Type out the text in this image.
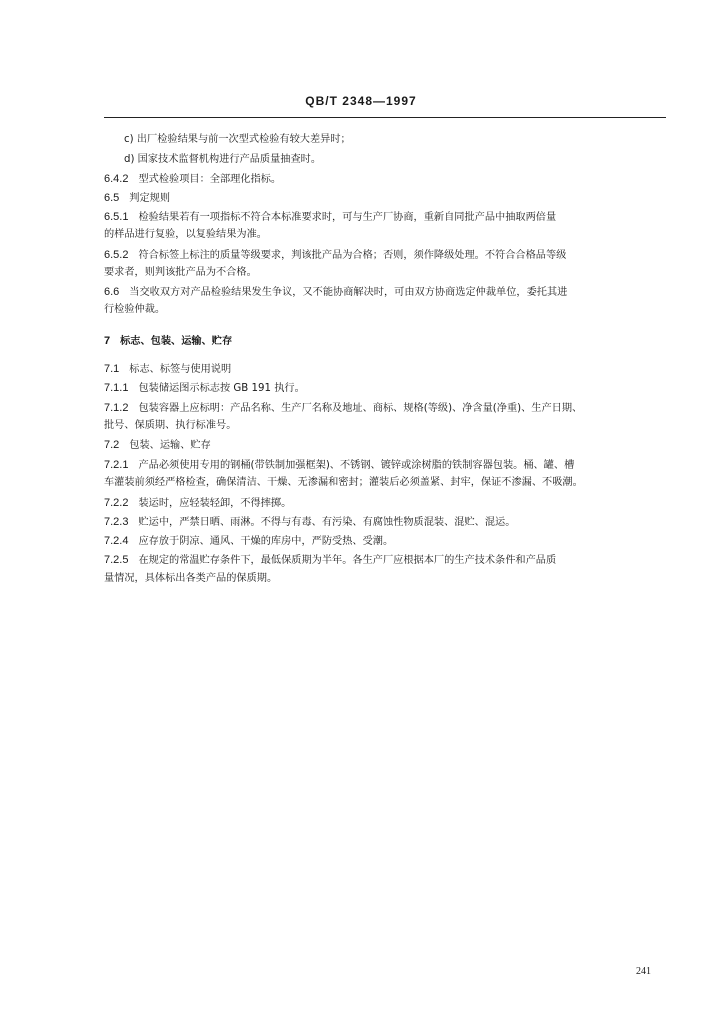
QB/T 2348—1997
c) 出厂检验结果与前一次型式检验有较大差异时；
d) 国家技术监督机构进行产品质量抽查时。
6.4.2 型式检验项目：全部理化指标。
6.5 判定规则
6.5.1 检验结果若有一项指标不符合本标准要求时，可与生产厂协商，重新自同批产品中抽取两倍量
的样品进行复验，以复验结果为准。
6.5.2 符合标签上标注的质量等级要求，判该批产品为合格；否则，须作降级处理。不符合合格品等级
要求者，则判该批产品为不合格。
6.6 当交收双方对产品检验结果发生争议，又不能协商解决时，可由双方协商选定仲裁单位，委托其进
行检验仲裁。
7 标志、包装、运输、贮存
7.1 标志、标签与使用说明
7.1.1 包装储运图示标志按 GB 191 执行。
7.1.2 包装容器上应标明：产品名称、生产厂名称及地址、商标、规格(等级)、净含量(净重)、生产日期、
批号、保质期、执行标准号。
7.2 包装、运输、贮存
7.2.1 产品必须使用专用的钢桶(带铁制加强框架)、不锈钢、镀锌或涂树脂的铁制容器包装。桶、罐、槽
车灌装前须经严格检查，确保清洁、干燥、无渗漏和密封；灌装后必须盖紧、封牢，保证不渗漏、不吸潮。
7.2.2 装运时，应轻装轻卸，不得摔掷。
7.2.3 贮运中，严禁日晒、雨淋。不得与有毒、有污染、有腐蚀性物质混装、混贮、混运。
7.2.4 应存放于阴凉、通风、干燥的库房中，严防受热、受潮。
7.2.5 在规定的常温贮存条件下，最低保质期为半年。各生产厂应根据本厂的生产技术条件和产品质
量情况，具体标出各类产品的保质期。
241
